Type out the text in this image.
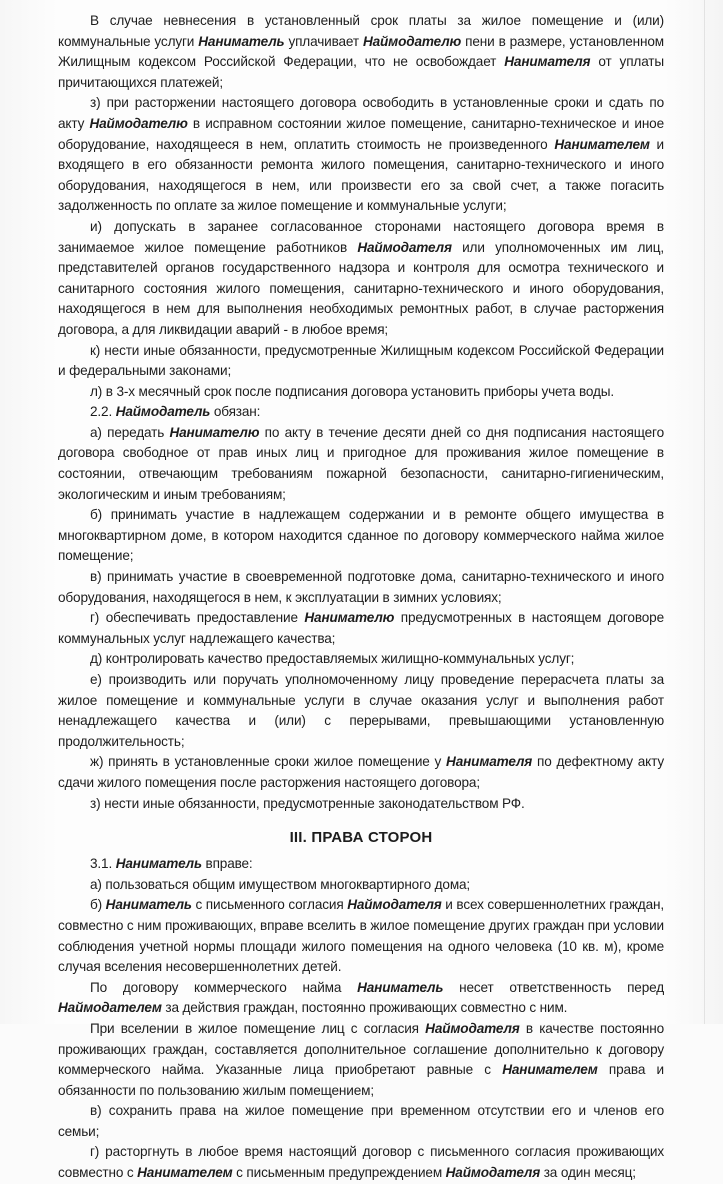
В случае невнесения в установленный срок платы за жилое помещение и (или) коммунальные услуги Наниматель уплачивает Наймодателю пени в размере, установленном Жилищным кодексом Российской Федерации, что не освобождает Нанимателя от уплаты причитающихся платежей;

з) при расторжении настоящего договора освободить в установленные сроки и сдать по акту Наймодателю в исправном состоянии жилое помещение, санитарно-техническое и иное оборудование, находящееся в нем, оплатить стоимость не произведенного Нанимателем и входящего в его обязанности ремонта жилого помещения, санитарно-технического и иного оборудования, находящегося в нем, или произвести его за свой счет, а также погасить задолженность по оплате за жилое помещение и коммунальные услуги;

и) допускать в заранее согласованное сторонами настоящего договора время в занимаемое жилое помещение работников Наймодателя или уполномоченных им лиц, представителей органов государственного надзора и контроля для осмотра технического и санитарного состояния жилого помещения, санитарно-технического и иного оборудования, находящегося в нем для выполнения необходимых ремонтных работ, в случае расторжения договора, а для ликвидации аварий - в любое время;

к) нести иные обязанности, предусмотренные Жилищным кодексом Российской Федерации и федеральными законами;

л) в 3-х месячный срок после подписания договора установить приборы учета воды.

2.2. Наймодатель обязан:

а) передать Нанимателю по акту в течение десяти дней со дня подписания настоящего договора свободное от прав иных лиц и пригодное для проживания жилое помещение в состоянии, отвечающим требованиям пожарной безопасности, санитарно-гигиеническим, экологическим и иным требованиям;

б) принимать участие в надлежащем содержании и в ремонте общего имущества в многоквартирном доме, в котором находится сданное по договору коммерческого найма жилое помещение;

в) принимать участие в своевременной подготовке дома, санитарно-технического и иного оборудования, находящегося в нем, к эксплуатации в зимних условиях;

г) обеспечивать предоставление Нанимателю предусмотренных в настоящем договоре коммунальных услуг надлежащего качества;

д) контролировать качество предоставляемых жилищно-коммунальных услуг;

е) производить или поручать уполномоченному лицу проведение перерасчета платы за жилое помещение и коммунальные услуги в случае оказания услуг и выполнения работ ненадлежащего качества и (или) с перерывами, превышающими установленную продолжительность;

ж) принять в установленные сроки жилое помещение у Нанимателя по дефектному акту сдачи жилого помещения после расторжения настоящего договора;

з) нести иные обязанности, предусмотренные законодательством РФ.

III. ПРАВА СТОРОН

3.1. Наниматель вправе:

а) пользоваться общим имуществом многоквартирного дома;

б) Наниматель с письменного согласия Наймодателя и всех совершеннолетних граждан, совместно с ним проживающих, вправе вселить в жилое помещение других граждан при условии соблюдения учетной нормы площади жилого помещения на одного человека (10 кв. м), кроме случая вселения несовершеннолетних детей.

По договору коммерческого найма Наниматель несет ответственность перед Наймодателем за действия граждан, постоянно проживающих совместно с ним.

При вселении в жилое помещение лиц с согласия Наймодателя в качестве постоянно проживающих граждан, составляется дополнительное соглашение дополнительно к договору коммерческого найма. Указанные лица приобретают равные с Нанимателем права и обязанности по пользованию жилым помещением;

в) сохранить права на жилое помещение при временном отсутствии его и членов его семьи;

г) расторгнуть в любое время настоящий договор с письменного согласия проживающих совместно с Нанимателем с письменным предупреждением Наймодателя за один месяц;
